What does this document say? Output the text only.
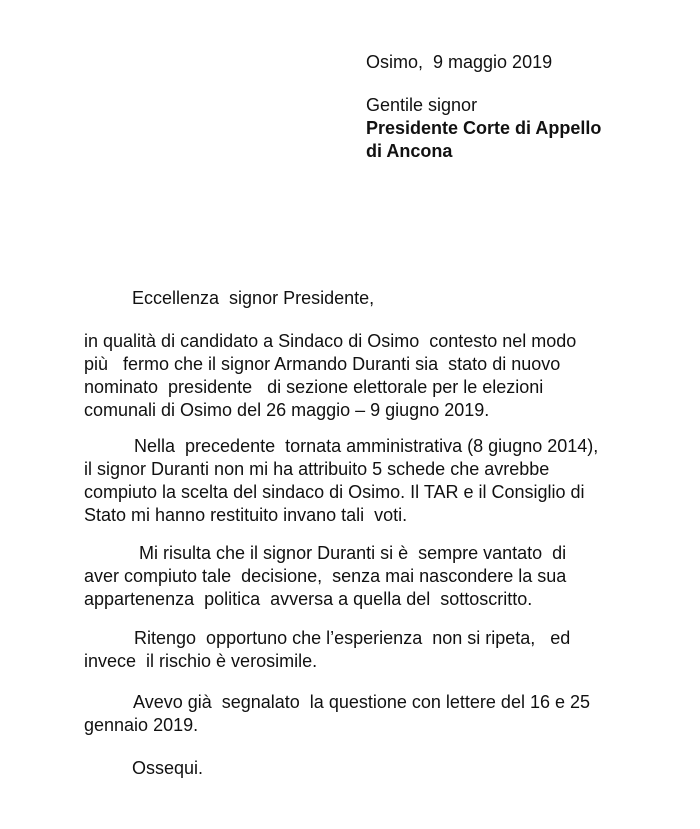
Osimo,  9 maggio 2019
Gentile signor
Presidente Corte di Appello
di Ancona
Eccellenza  signor Presidente,
in qualità di candidato a Sindaco di Osimo  contesto nel modo
più   fermo che il signor Armando Duranti sia  stato di nuovo
nominato  presidente   di sezione elettorale per le elezioni
comunali di Osimo del 26 maggio – 9 giugno 2019.
Nella  precedente  tornata amministrativa (8 giugno 2014),
il signor Duranti non mi ha attribuito 5 schede che avrebbe
compiuto la scelta del sindaco di Osimo. Il TAR e il Consiglio di
Stato mi hanno restituito invano tali  voti.
Mi risulta che il signor Duranti si è  sempre vantato  di
aver compiuto tale  decisione,  senza mai nascondere la sua
appartenenza  politica  avversa a quella del  sottoscritto.
Ritengo  opportuno che l’esperienza  non si ripeta,   ed
invece  il rischio è verosimile.
Avevo già  segnalato  la questione con lettere del 16 e 25
gennaio 2019.
Ossequi.
